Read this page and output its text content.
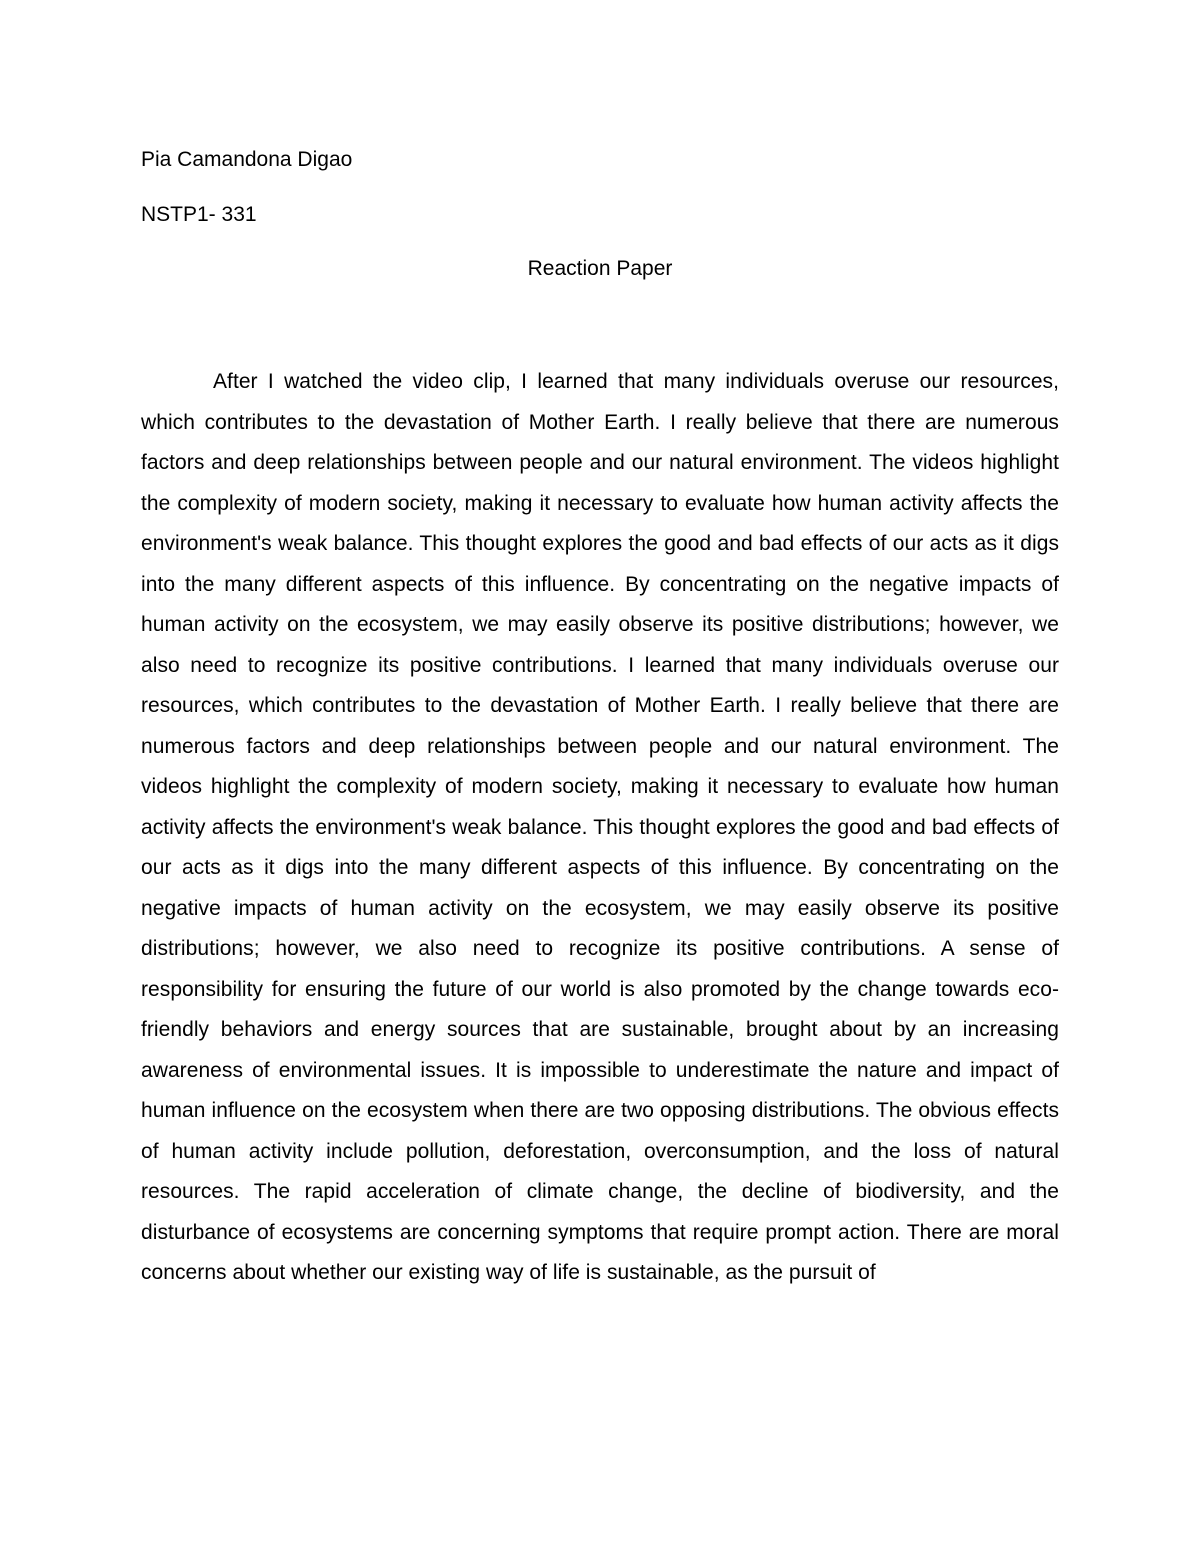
Pia Camandona Digao

NSTP1- 331

Reaction Paper

After I watched the video clip, I learned that many individuals overuse our resources, which contributes to the devastation of Mother Earth. I really believe that there are numerous factors and deep relationships between people and our natural environment. The videos highlight the complexity of modern society, making it necessary to evaluate how human activity affects the environment's weak balance. This thought explores the good and bad effects of our acts as it digs into the many different aspects of this influence. By concentrating on the negative impacts of human activity on the ecosystem, we may easily observe its positive distributions; however, we also need to recognize its positive contributions. I learned that many individuals overuse our resources, which contributes to the devastation of Mother Earth. I really believe that there are numerous factors and deep relationships between people and our natural environment. The videos highlight the complexity of modern society, making it necessary to evaluate how human activity affects the environment's weak balance. This thought explores the good and bad effects of our acts as it digs into the many different aspects of this influence. By concentrating on the negative impacts of human activity on the ecosystem, we may easily observe its positive distributions; however, we also need to recognize its positive contributions. A sense of responsibility for ensuring the future of our world is also promoted by the change towards eco-friendly behaviors and energy sources that are sustainable, brought about by an increasing awareness of environmental issues. It is impossible to underestimate the nature and impact of human influence on the ecosystem when there are two opposing distributions. The obvious effects of human activity include pollution, deforestation, overconsumption, and the loss of natural resources. The rapid acceleration of climate change, the decline of biodiversity, and the disturbance of ecosystems are concerning symptoms that require prompt action. There are moral concerns about whether our existing way of life is sustainable, as the pursuit of
